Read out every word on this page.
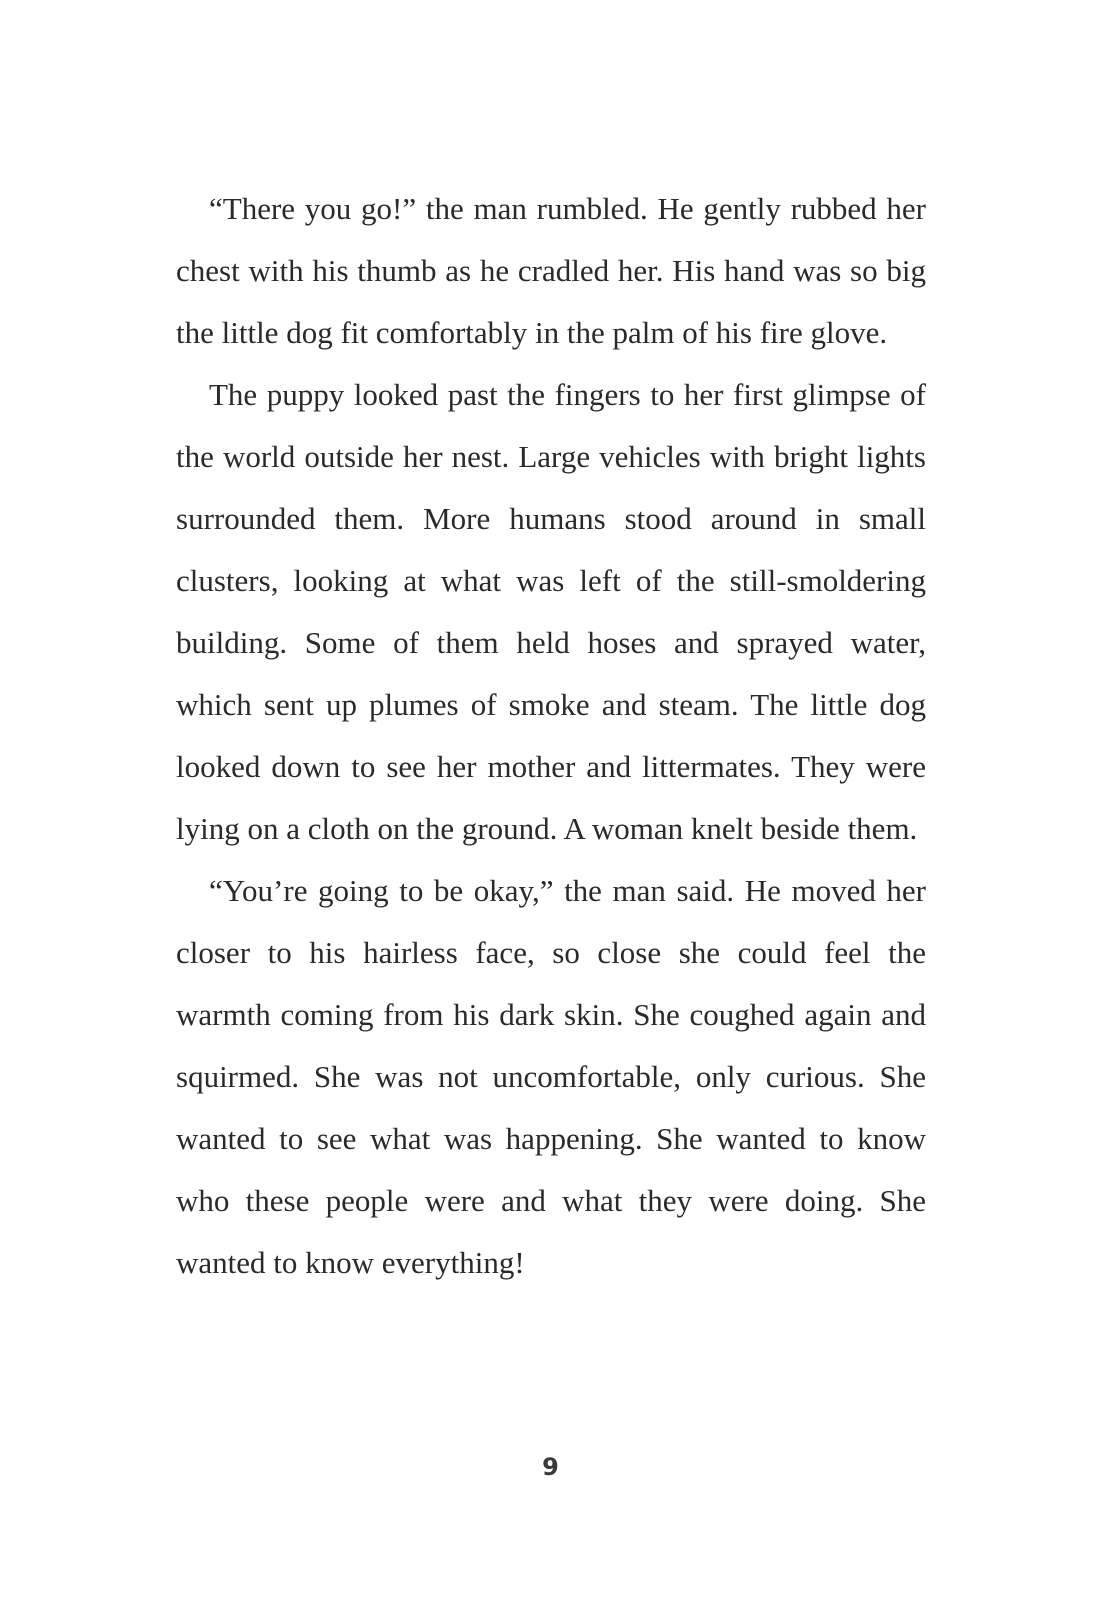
“There you go!” the man rumbled. He gently rubbed her chest with his thumb as he cradled her. His hand was so big the little dog fit comfortably in the palm of his fire glove.

The puppy looked past the fingers to her first glimpse of the world outside her nest. Large vehicles with bright lights surrounded them. More humans stood around in small clusters, looking at what was left of the still-smoldering building. Some of them held hoses and sprayed water, which sent up plumes of smoke and steam. The little dog looked down to see her mother and littermates. They were lying on a cloth on the ground. A woman knelt beside them.

“You’re going to be okay,” the man said. He moved her closer to his hairless face, so close she could feel the warmth coming from his dark skin. She coughed again and squirmed. She was not uncomfortable, only curious. She wanted to see what was happening. She wanted to know who these people were and what they were doing. She wanted to know everything!

9
